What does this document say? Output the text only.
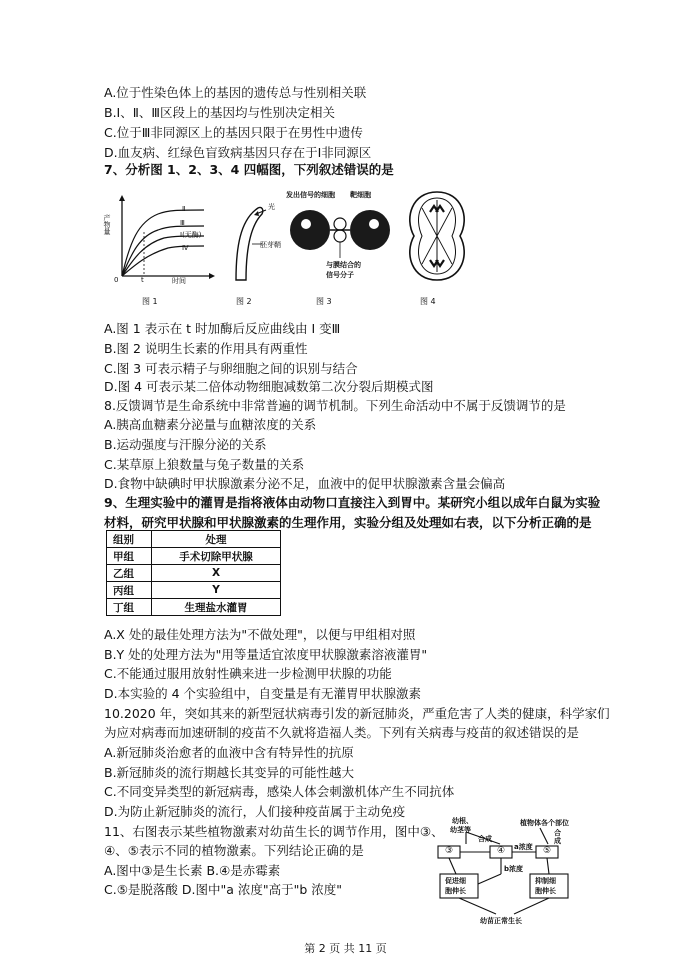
A.位于性染色体上的基因的遗传总与性别相关联
B.Ⅰ、Ⅱ、Ⅲ区段上的基因均与性别决定相关
C.位于Ⅲ非同源区上的基因只限于在男性中遗传
D.血友病、红绿色盲致病基因只存在于Ⅰ非同源区
7、分析图 1、2、3、4 四幅图，下列叙述错误的是
产物量
Ⅱ
Ⅲ
Ⅰ(无酶)
Ⅳ
0	t	时间
图 1
光
胚芽鞘
图 2
发出信号的细胞 靶细胞
与膜结合的
信号分子
图 3	图 4
A.图 1 表示在 t 时加酶后反应曲线由 Ⅰ 变Ⅲ
B.图 2 说明生长素的作用具有两重性
C.图 3 可表示精子与卵细胞之间的识别与结合
D.图 4 可表示某二倍体动物细胞减数第二次分裂后期模式图
8.反馈调节是生命系统中非常普遍的调节机制。下列生命活动中不属于反馈调节的是
A.胰高血糖素分泌量与血糖浓度的关系
B.运动强度与汗腺分泌的关系
C.某草原上狼数量与兔子数量的关系
D.食物中缺碘时甲状腺激素分泌不足，血液中的促甲状腺激素含量会偏高
9、生理实验中的灌胃是指将液体由动物口直接注入到胃中。某研究小组以成年白鼠为实验
材料，研究甲状腺和甲状腺激素的生理作用，实验分组及处理如右表，以下分析正确的是
组别	处理
甲组	手术切除甲状腺
乙组	X
丙组	Y
丁组	生理盐水灌胃
A.X 处的最佳处理方法为"不做处理"，以便与甲组相对照
B.Y 处的处理方法为"用等量适宜浓度甲状腺激素溶液灌胃"
C.不能通过服用放射性碘来进一步检测甲状腺的功能
D.本实验的 4 个实验组中，自变量是有无灌胃甲状腺激素
10.2020 年，突如其来的新型冠状病毒引发的新冠肺炎，严重危害了人类的健康，科学家们
为应对病毒而加速研制的疫苗不久就将造福人类。下列有关病毒与疫苗的叙述错误的是
A.新冠肺炎治愈者的血液中含有特异性的抗原
B.新冠肺炎的流行期越长其变异的可能性越大
C.不同变异类型的新冠病毒，感染人体会刺激机体产生不同抗体
D.为防止新冠肺炎的流行，人们接种疫苗属于主动免疫
11、右图表示某些植物激素对幼苗生长的调节作用，图中③、
④、⑤表示不同的植物激素。下列结论正确的是
A.图中③是生长素 B.④是赤霉素
C.⑤是脱落酸 D.图中"a 浓度"高于"b 浓度"
幼根、
幼茎等
植物体各个部位
合成
合
成
③	④	⑤
a浓度
b浓度
促进细
胞伸长
抑制细
胞伸长
幼苗正常生长
第 2 页 共 11 页
